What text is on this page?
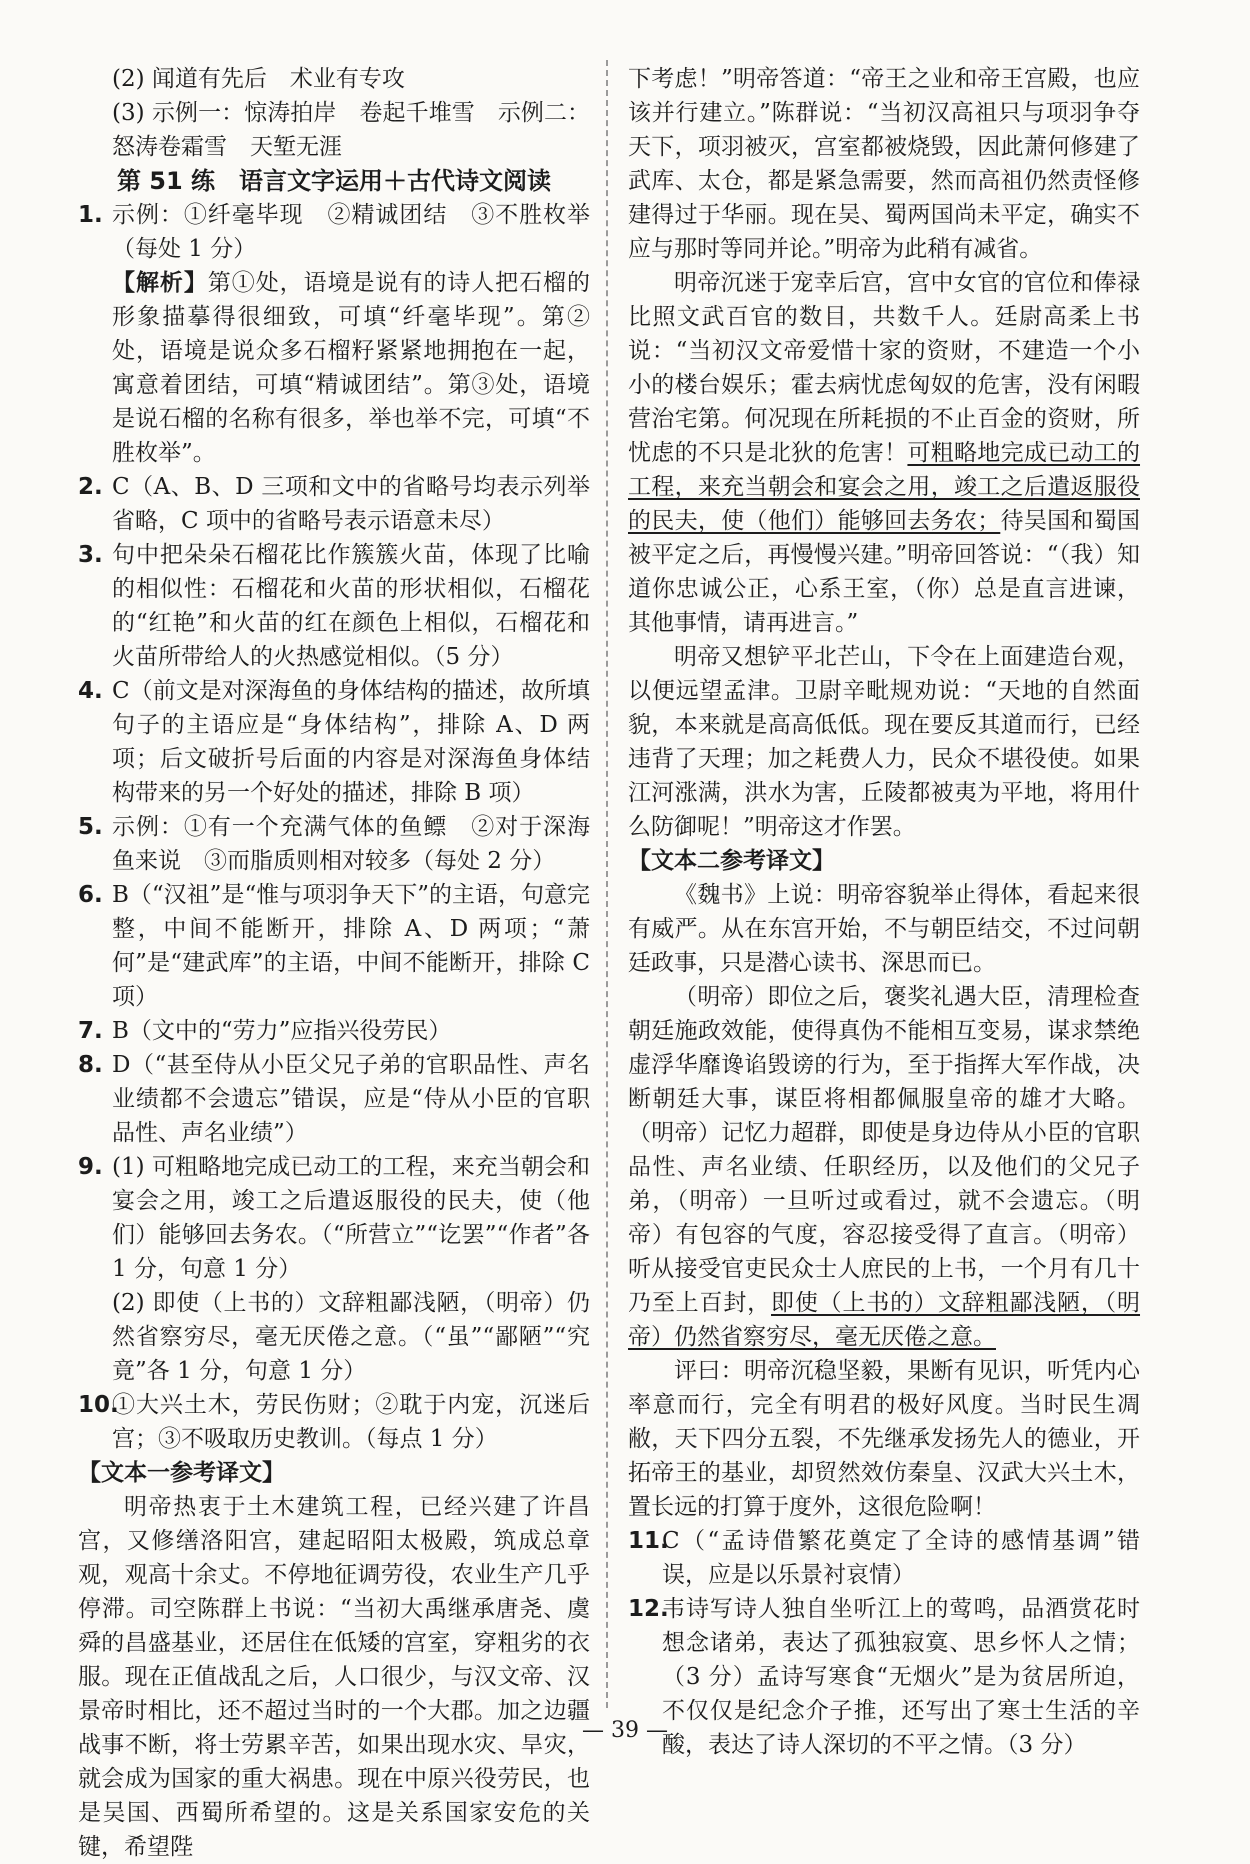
(2) 闻道有先后　术业有专攻

(3) 示例一：惊涛拍岸　卷起千堆雪　示例二：怒涛卷霜雪　天堑无涯

第 51 练　语言文字运用＋古代诗文阅读

1. 示例：①纤毫毕现　②精诚团结　③不胜枚举（每处 1 分）
【解析】第①处，语境是说有的诗人把石榴的形象描摹得很细致，可填“纤毫毕现”。第②处，语境是说众多石榴籽紧紧地拥抱在一起，寓意着团结，可填“精诚团结”。第③处，语境是说石榴的名称有很多，举也举不完，可填“不胜枚举”。
2. C（A、B、D 三项和文中的省略号均表示列举省略，C 项中的省略号表示语意未尽）
3. 句中把朵朵石榴花比作簇簇火苗，体现了比喻的相似性：石榴花和火苗的形状相似，石榴花的“红艳”和火苗的红在颜色上相似，石榴花和火苗所带给人的火热感觉相似。（5 分）
4. C（前文是对深海鱼的身体结构的描述，故所填句子的主语应是“身体结构”，排除 A、D 两项；后文破折号后面的内容是对深海鱼身体结构带来的另一个好处的描述，排除 B 项）
5. 示例：①有一个充满气体的鱼鳔　②对于深海鱼来说　③而脂质则相对较多（每处 2 分）
6. B（“汉祖”是“惟与项羽争天下”的主语，句意完整，中间不能断开，排除 A、D 两项；“萧何”是“建武库”的主语，中间不能断开，排除 C 项）
7. B（文中的“劳力”应指兴役劳民）
8. D（“甚至侍从小臣父兄子弟的官职品性、声名业绩都不会遗忘”错误，应是“侍从小臣的官职品性、声名业绩”）
9. (1) 可粗略地完成已动工的工程，来充当朝会和宴会之用，竣工之后遣返服役的民夫，使（他们）能够回去务农。（“所营立”“讫罢”“作者”各 1 分，句意 1 分）
(2) 即使（上书的）文辞粗鄙浅陋，（明帝）仍然省察穷尽，毫无厌倦之意。（“虽”“鄙陋”“究竟”各 1 分，句意 1 分）
10.
①大兴土木，劳民伤财；②耽于内宠，沉迷后宫；③不吸取历史教训。（每点 1 分）

【文本一参考译文】

明帝热衷于土木建筑工程，已经兴建了许昌宫，又修缮洛阳宫，建起昭阳太极殿，筑成总章观，观高十余丈。不停地征调劳役，农业生产几乎停滞。司空陈群上书说：“当初大禹继承唐尧、虞舜的昌盛基业，还居住在低矮的宫室，穿粗劣的衣服。现在正值战乱之后，人口很少，与汉文帝、汉景帝时相比，还不超过当时的一个大郡。加之边疆战事不断，将士劳累辛苦，如果出现水灾、旱灾，就会成为国家的重大祸患。现在中原兴役劳民，也是吴国、西蜀所希望的。这是关系国家安危的关键，希望陛

下考虑！”明帝答道：“帝王之业和帝王宫殿，也应该并行建立。”陈群说：“当初汉高祖只与项羽争夺天下，项羽被灭，宫室都被烧毁，因此萧何修建了武库、太仓，都是紧急需要，然而高祖仍然责怪修建得过于华丽。现在吴、蜀两国尚未平定，确实不应与那时等同并论。”明帝为此稍有减省。

明帝沉迷于宠幸后宫，宫中女官的官位和俸禄比照文武百官的数目，共数千人。廷尉高柔上书说：“当初汉文帝爱惜十家的资财，不建造一个小小的楼台娱乐；霍去病忧虑匈奴的危害，没有闲暇营治宅第。何况现在所耗损的不止百金的资财，所忧虑的不只是北狄的危害！可粗略地完成已动工的工程，来充当朝会和宴会之用，竣工之后遣返服役的民夫，使（他们）能够回去务农；待吴国和蜀国被平定之后，再慢慢兴建。”明帝回答说：“（我）知道你忠诚公正，心系王室，（你）总是直言进谏，其他事情，请再进言。”

明帝又想铲平北芒山，下令在上面建造台观，以便远望孟津。卫尉辛毗规劝说：“天地的自然面貌，本来就是高高低低。现在要反其道而行，已经违背了天理；加之耗费人力，民众不堪役使。如果江河涨满，洪水为害，丘陵都被夷为平地，将用什么防御呢！”明帝这才作罢。

【文本二参考译文】

《魏书》上说：明帝容貌举止得体，看起来很有威严。从在东宫开始，不与朝臣结交，不过问朝廷政事，只是潜心读书、深思而已。

（明帝）即位之后，褒奖礼遇大臣，清理检查朝廷施政效能，使得真伪不能相互变易，谋求禁绝虚浮华靡谗谄毁谤的行为，至于指挥大军作战，决断朝廷大事，谋臣将相都佩服皇帝的雄才大略。（明帝）记忆力超群，即使是身边侍从小臣的官职品性、声名业绩、任职经历，以及他们的父兄子弟，（明帝）一旦听过或看过，就不会遗忘。（明帝）有包容的气度，容忍接受得了直言。（明帝）听从接受官吏民众士人庶民的上书，一个月有几十乃至上百封，即使（上书的）文辞粗鄙浅陋，（明帝）仍然省察穷尽，毫无厌倦之意。

评曰：明帝沉稳坚毅，果断有见识，听凭内心率意而行，完全有明君的极好风度。当时民生凋敝，天下四分五裂，不先继承发扬先人的德业，开拓帝王的基业，却贸然效仿秦皇、汉武大兴土木，置长远的打算于度外，这很危险啊！

11.
C（“孟诗借繁花奠定了全诗的感情基调”错误，应是以乐景衬哀情）
12.
韦诗写诗人独自坐听江上的莺鸣，品酒赏花时想念诸弟，表达了孤独寂寞、思乡怀人之情；（3 分）孟诗写寒食“无烟火”是为贫居所迫，不仅仅是纪念介子推，还写出了寒士生活的辛酸，表达了诗人深切的不平之情。（3 分）
— 39 —
